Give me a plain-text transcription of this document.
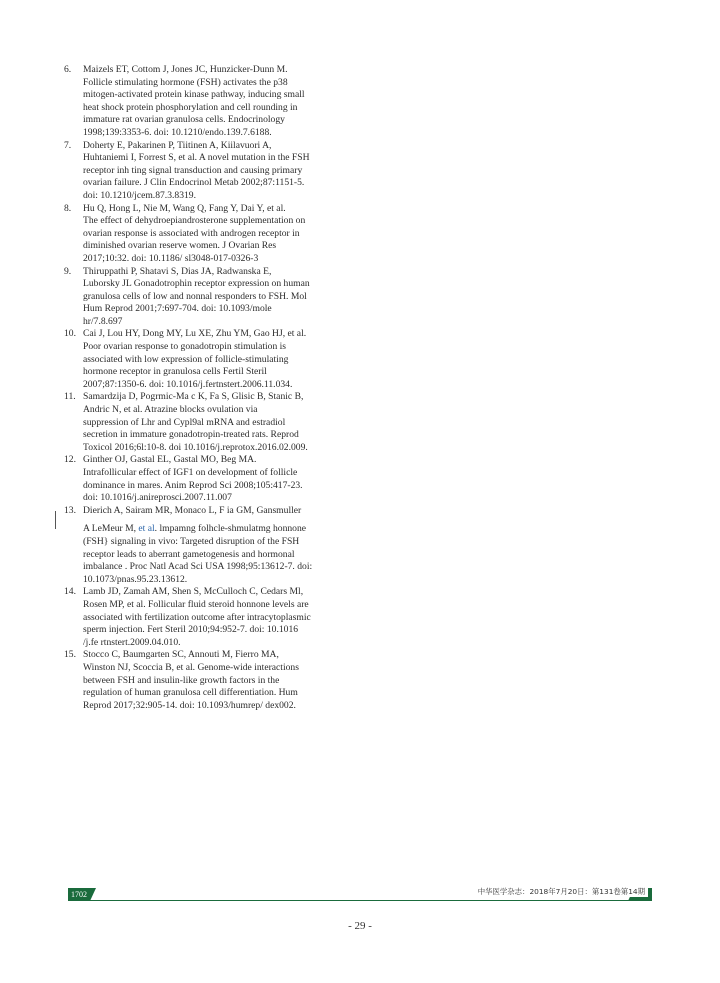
6. Maizels ET, Cottom J, Jones JC, Hunzicker-Dunn M.
Follicle stimulating hormone (FSH) activates the p38
mitogen-activated protein kinase pathway, inducing small
heat shock protein phosphorylation and cell rounding in
immature rat ovarian granulosa cells. Endocrinology
1998;139:3353-6. doi: 10.1210/endo.139.7.6188.
7. Doherty E, Pakarinen P, Tiitinen A, Kiilavuori A,
Huhtaniemi I, Forrest S, et al. A novel mutation in the FSH
receptor inh ting signal transduction and causing primary
ovarian failure. J Clin Endocrinol Metab 2002;87:1151-5.
doi: 10.1210/jcem.87.3.8319.
8. Hu Q, Hong L, Nie M, Wang Q, Fang Y, Dai Y, et al.
The effect of dehydroepiandrosterone supplementation on
ovarian response is associated with androgen receptor in
diminished ovarian reserve women. J Ovarian Res
2017;10:32. doi: 10.1186/ sl3048-017-0326-3
9. Thiruppathi P, Shatavi S, Dias JA, Radwanska E,
Luborsky JL Gonadotrophin receptor expression on human
granulosa cells of low and nonnal responders to FSH. Mol
Hum Reprod 2001;7:697-704. doi: 10.1093/mole
hr/7.8.697
10. Cai J, Lou HY, Dong MY, Lu XE, Zhu YM, Gao HJ, et al.
Poor ovarian response to gonadotropin stimulation is
associated with low expression of follicle-stimulating
hormone receptor in granulosa cells Fertil Steril
2007;87:1350-6. doi: 10.1016/j.fertnstert.2006.11.034.
11. Samardzija D, Pogrmic-Ma c K, Fa S, Glisic B, Stanic B,
Andric N, et al. Atrazine blocks ovulation via
suppression of Lhr and Cypl9al mRNA and estradiol
secretion in immature gonadotropin-treated rats. Reprod
Toxicol 2016;6l:10-8. doi 10.1016/j.reprotox.2016.02.009.
12. Ginther OJ, Gastal EL, Gastal MO, Beg MA.
Intrafollicular effect of IGF1 on development of follicle
dominance in mares. Anim Reprod Sci 2008;105:417-23.
doi: 10.1016/j.anireprosci.2007.11.007
13. Dierich A, Sairam MR, Monaco L, F ia GM, Gansmuller
A LeMeur M, et al. lmpamng folhcle-shmulatmg honnone
(FSH} signaling in vivo: Targeted disruption of the FSH
receptor leads to aberrant gametogenesis and hormonal
imbalance . Proc Natl Acad Sci USA 1998;95:13612-7. doi:
10.1073/pnas.95.23.13612.
14. Lamb JD, Zamah AM, Shen S, McCulloch C, Cedars Ml,
Rosen MP, et al. Follicular fluid steroid honnone levels are
associated with fertilization outcome after intracytoplasmic
sperm injection. Fert Steril 2010;94:952-7. doi: 10.1016
/j.fe rtnstert.2009.04.010.
15. Stocco C, Baumgarten SC, Annouti M, Fierro MA,
Winston NJ, Scoccia B, et al. Genome-wide interactions
between FSH and insulin-like growth factors in the
regulation of human granulosa cell differentiation. Hum
Reprod 2017;32:905-14. doi: 10.1093/humrep/ dex002.
1702	中华医学杂志：2018年7月20日：第131卷第14期
- 29 -
